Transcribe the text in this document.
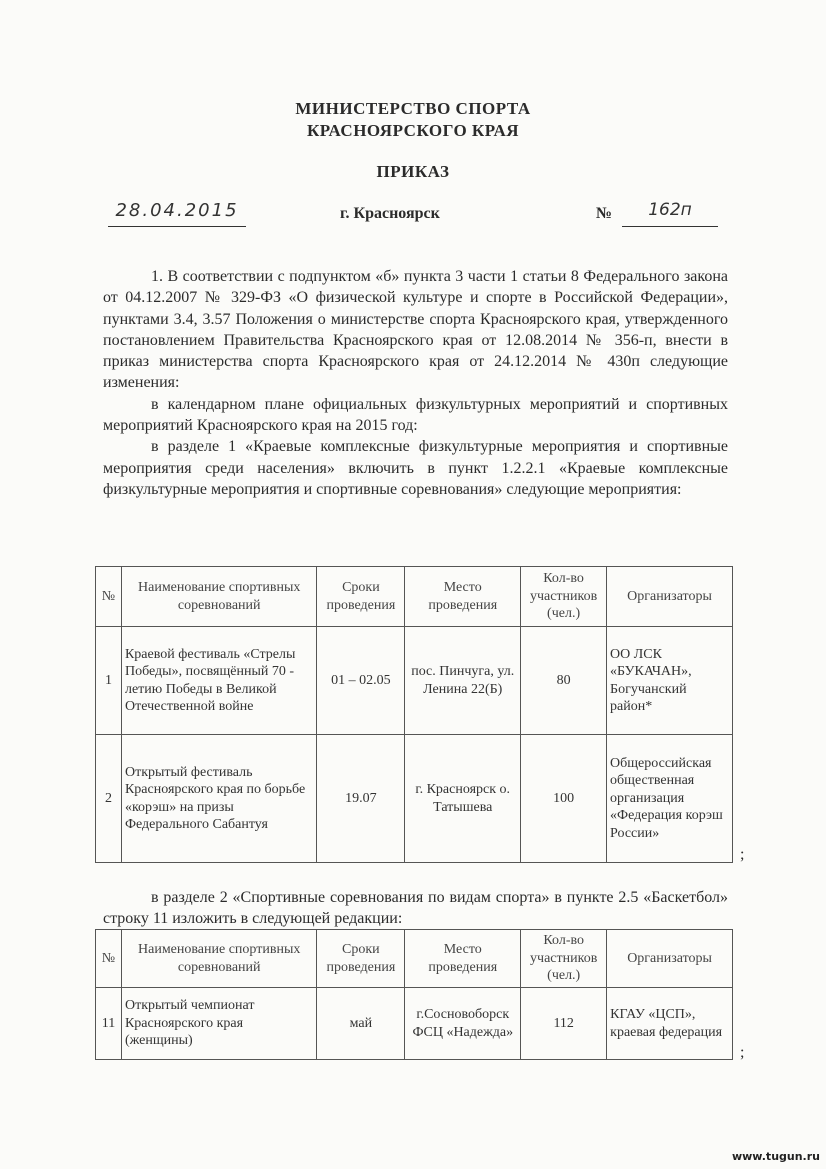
МИНИСТЕРСТВО СПОРТА
КРАСНОЯРСКОГО КРАЯ
ПРИКАЗ
28.04.2015	г. Красноярск	№	162п

1. В соответствии с подпунктом «б» пункта 3 части 1 статьи 8 Федерального закона от 04.12.2007 № 329-ФЗ «О физической культуре и спорте в Российской Федерации», пунктами 3.4, 3.57 Положения о министерстве спорта Красноярского края, утвержденного постановлением Правительства Красноярского края от 12.08.2014 № 356-п, внести в приказ министерства спорта Красноярского края от 24.12.2014 № 430п следующие изменения:

в календарном плане официальных физкультурных мероприятий и спортивных мероприятий Красноярского края на 2015 год:

в разделе 1 «Краевые комплексные физкультурные мероприятия и спортивные мероприятия среди населения» включить в пункт 1.2.2.1 «Краевые комплексные физкультурные мероприятия и спортивные соревнования» следующие мероприятия:

№	Наименование спортивных соревнований	Сроки проведения	Место проведения	Кол-во участников (чел.)	Организаторы
1	Краевой фестиваль «Стрелы Победы», посвящённый 70 - летию Победы в Великой Отечественной войне	01 – 02.05	пос. Пинчуга, ул. Ленина 22(Б)	80	ОО ЛСК «БУКАЧАН», Богучанский район*
2	Открытый фестиваль Красноярского края по борьбе «корэш» на призы Федерального Сабантуя	19.07	г. Красноярск о. Татышева	100	Общероссийская общественная организация «Федерация корэш России»
;

в разделе 2 «Спортивные соревнования по видам спорта» в пункте 2.5 «Баскетбол» строку 11 изложить в следующей редакции:

№	Наименование спортивных соревнований	Сроки проведения	Место проведения	Кол-во участников (чел.)	Организаторы
11	Открытый чемпионат Красноярского края (женщины)	май	г.Сосновоборск ФСЦ «Надежда»	112	КГАУ «ЦСП», краевая федерация
;
www.tugun.ru
